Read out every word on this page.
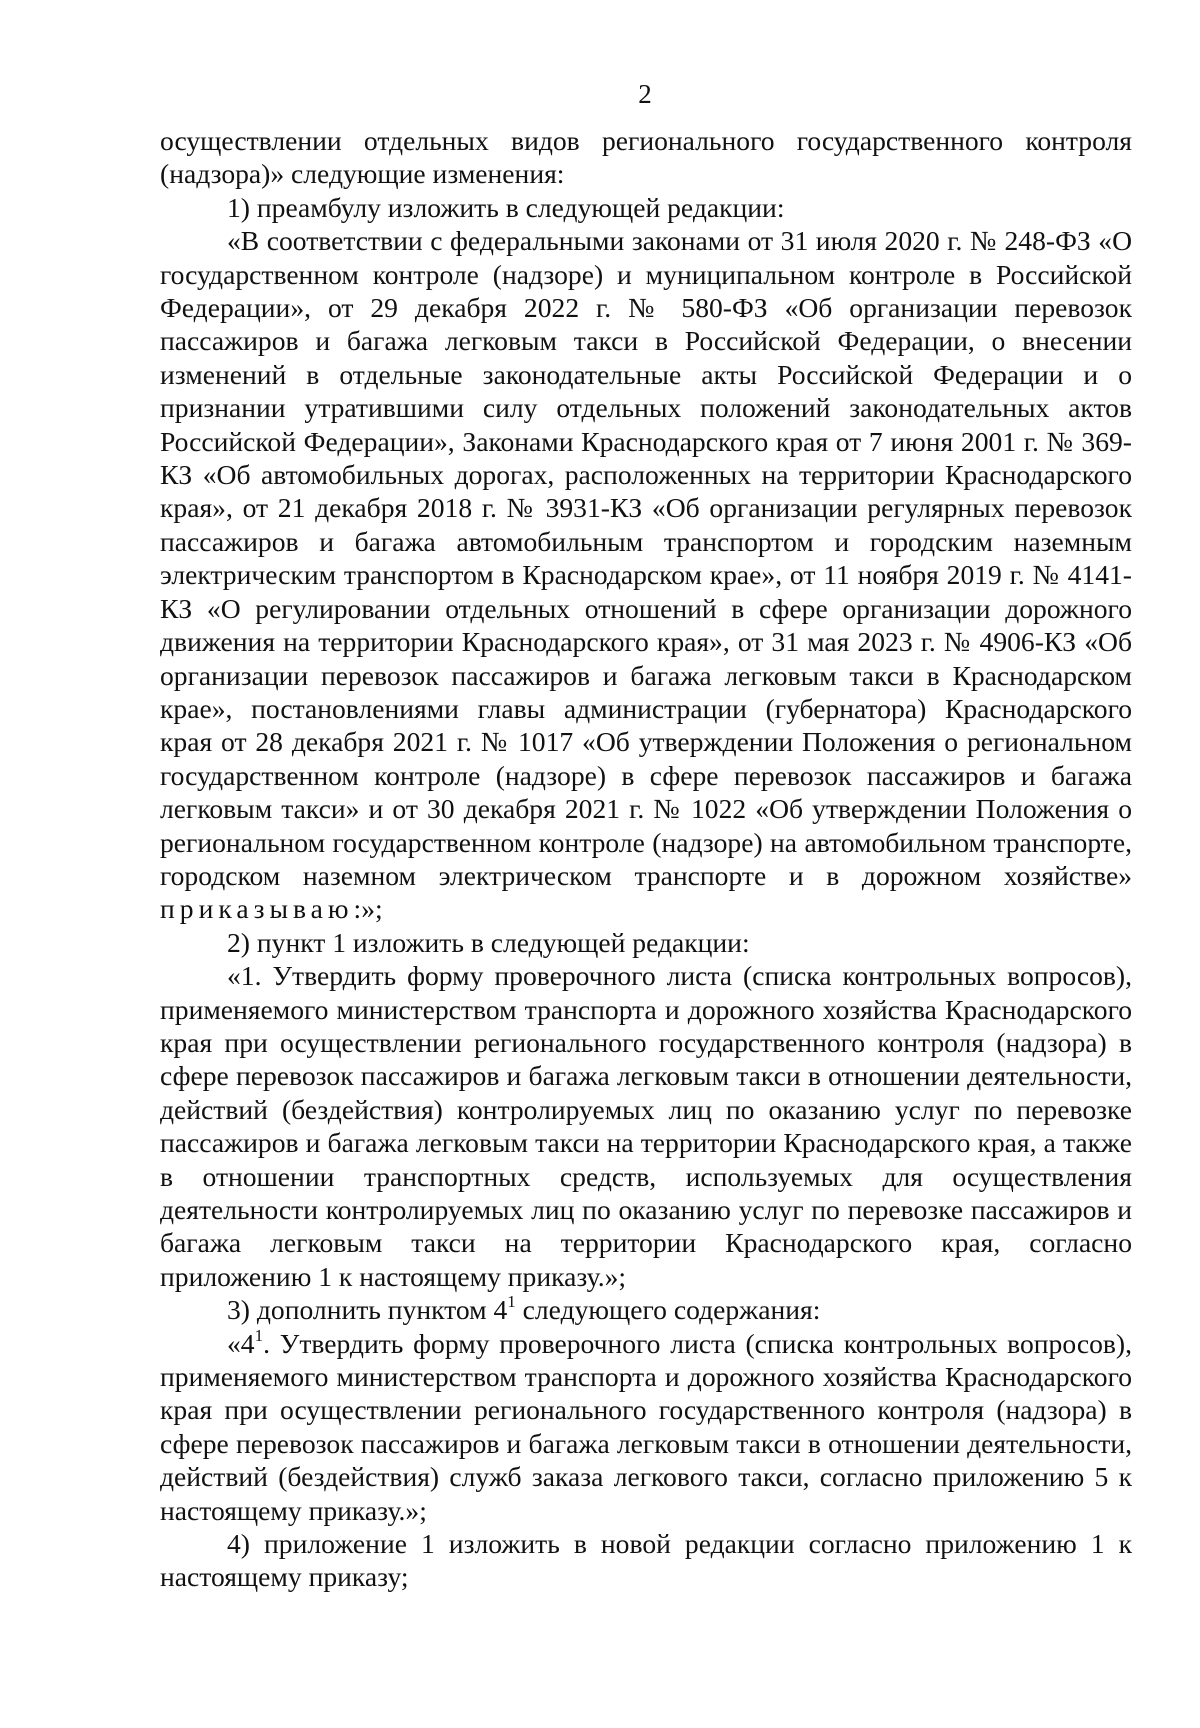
2

осуществлении отдельных видов регионального государственного контроля (надзора)» следующие изменения:

1) преамбулу изложить в следующей редакции:

«В соответствии с федеральными законами от 31 июля 2020 г. № 248-ФЗ «О государственном контроле (надзоре) и муниципальном контроле в Российской Федерации», от 29 декабря 2022 г. № 580-ФЗ «Об организации перевозок пассажиров и багажа легковым такси в Российской Федерации, о внесении изменений в отдельные законодательные акты Российской Федерации и о признании утратившими силу отдельных положений законодательных актов Российской Федерации», Законами Краснодарского края от 7 июня 2001 г. № 369-КЗ «Об автомобильных дорогах, расположенных на территории Краснодарского края», от 21 декабря 2018 г. № 3931-КЗ «Об организации регулярных перевозок пассажиров и багажа автомобильным транспортом и городским наземным электрическим транспортом в Краснодарском крае», от 11 ноября 2019 г. № 4141-КЗ «О регулировании отдельных отношений в сфере организации дорожного движения на территории Краснодарского края», от 31 мая 2023 г. № 4906-КЗ «Об организации перевозок пассажиров и багажа легковым такси в Краснодарском крае», постановлениями главы администрации (губернатора) Краснодарского края от 28 декабря 2021 г. № 1017 «Об утверждении Положения о региональном государственном контроле (надзоре) в сфере перевозок пассажиров и багажа легковым такси» и от 30 декабря 2021 г. № 1022 «Об утверждении Положения о региональном государственном контроле (надзоре) на автомобильном транспорте, городском наземном электрическом транспорте и в дорожном хозяйстве» приказываю:»;

2) пункт 1 изложить в следующей редакции:

«1. Утвердить форму проверочного листа (списка контрольных вопросов), применяемого министерством транспорта и дорожного хозяйства Краснодарского края при осуществлении регионального государственного контроля (надзора) в сфере перевозок пассажиров и багажа легковым такси в отношении деятельности, действий (бездействия) контролируемых лиц по оказанию услуг по перевозке пассажиров и багажа легковым такси на территории Краснодарского края, а также в отношении транспортных средств, используемых для осуществления деятельности контролируемых лиц по оказанию услуг по перевозке пассажиров и багажа легковым такси на территории Краснодарского края, согласно приложению 1 к настоящему приказу.»;

3) дополнить пунктом $4^1$ следующего содержания:

«$4^1$. Утвердить форму проверочного листа (списка контрольных вопросов), применяемого министерством транспорта и дорожного хозяйства Краснодарского края при осуществлении регионального государственного контроля (надзора) в сфере перевозок пассажиров и багажа легковым такси в отношении деятельности, действий (бездействия) служб заказа легкового такси, согласно приложению 5 к настоящему приказу.»;

4) приложение 1 изложить в новой редакции согласно приложению 1 к настоящему приказу;
